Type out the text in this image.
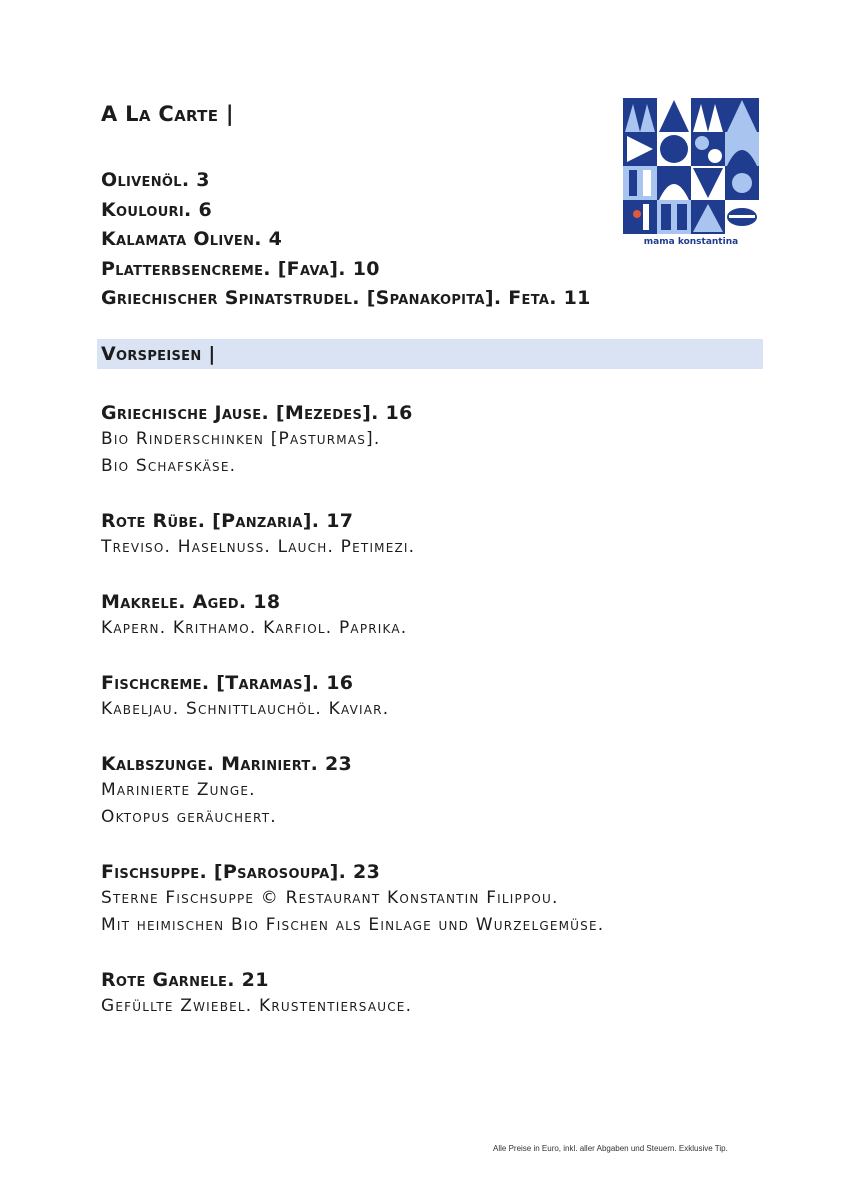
A La Carte |
Olivenöl. 3
Koulouri. 6
Kalamata Oliven. 4
Platterbsencreme. [Fava]. 10
Griechischer Spinatstrudel. [Spanakopita]. Feta. 11
mama konstantina
Vorspeisen |
Griechische Jause. [Mezedes]. 16
Bio Rinderschinken [Pasturmas].
Bio Schafskäse.
Rote Rübe. [Panzaria]. 17
Treviso. Haselnuss. Lauch. Petimezi.
Makrele. Aged. 18
Kapern. Krithamo. Karfiol. Paprika.
Fischcreme. [Taramas]. 16
Kabeljau. Schnittlauchöl. Kaviar.
Kalbszunge. Mariniert. 23
Marinierte Zunge.
Oktopus geräuchert.
Fischsuppe. [Psarosoupa]. 23
Sterne Fischsuppe © Restaurant Konstantin Filippou.
Mit heimischen Bio Fischen als Einlage und Wurzelgemüse.
Rote Garnele. 21
Gefüllte Zwiebel. Krustentiersauce.
Alle Preise in Euro, inkl. aller Abgaben und Steuern. Exklusive Tip.
